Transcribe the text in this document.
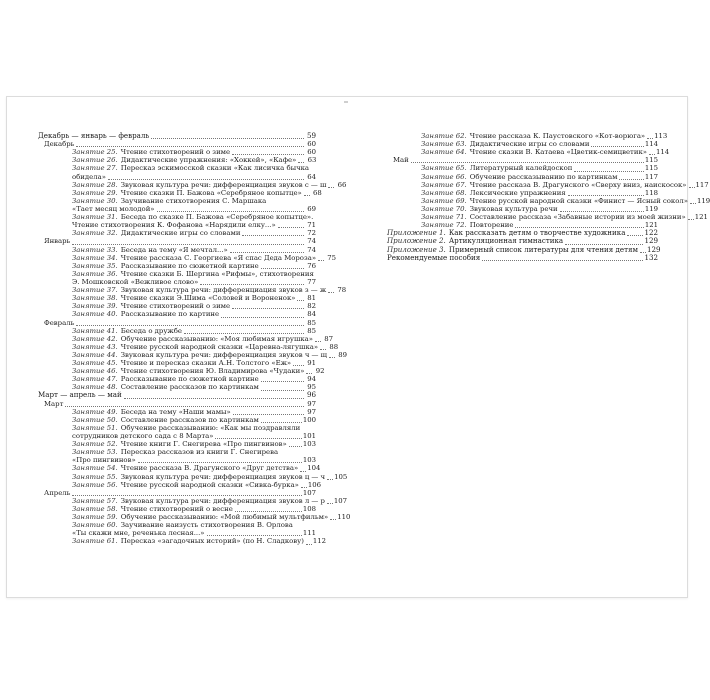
Декабрь — январь — февраль	59
Декабрь	60
Занятие 25. Чтение стихотворений о зиме	60
Занятие 26. Дидактические упражнения: «Хоккей», «Кафе»	63
Занятие 27. Пересказ эскимосской сказки «Как лисичка бычка
обидела»	64
Занятие 28. Звуковая культура речи: дифференциация звуков с — ш	66
Занятие 29. Чтение сказки П. Бажова «Серебряное копытце»	68
Занятие 30. Заучивание стихотворения С. Маршака
«Тает месяц молодой»	69
Занятие 31. Беседа по сказке П. Бажова «Серебряное копытце».
Чтение стихотворения К. Фофанова «Нарядили елку...»	71
Занятие 32. Дидактические игры со словами	72
Январь	74
Занятие 33. Беседа на тему «Я мечтал...»	74
Занятие 34. Чтение рассказа С. Георгиева «Я спас Деда Мороза»	75
Занятие 35. Рассказывание по сюжетной картине	76
Занятие 36. Чтение сказки Б. Шергина «Рифмы», стихотворения
Э. Мошковской «Вежливое слово»	77
Занятие 37. Звуковая культура речи: дифференциация звуков з — ж	78
Занятие 38. Чтение сказки Э.Шима «Соловей и Вороненок»	81
Занятие 39. Чтение стихотворений о зиме	82
Занятие 40. Рассказывание по картине	84
Февраль	85
Занятие 41. Беседа о дружбе	85
Занятие 42. Обучение рассказыванию: «Моя любимая игрушка»	87
Занятие 43. Чтение русской народной сказки «Царевна-лягушка»	88
Занятие 44. Звуковая культура речи: дифференциация звуков ч — щ	89
Занятие 45. Чтение и пересказ сказки А.Н. Толстого «Еж»	91
Занятие 46. Чтение стихотворения Ю. Владимирова «Чудаки»	92
Занятие 47. Рассказывание по сюжетной картине	94
Занятие 48. Составление рассказов по картинкам	95
Март — апрель — май	96
Март	97
Занятие 49. Беседа на тему «Наши мамы»	97
Занятие 50. Составление рассказов по картинкам	100
Занятие 51. Обучение рассказыванию: «Как мы поздравляли
сотрудников детского сада с 8 Марта»	101
Занятие 52. Чтение книги Г. Снегирева «Про пингвинов» 103
Занятие 53. Пересказ рассказов из книги Г. Снегирева
«Про пингвинов»	103
Занятие 54. Чтение рассказа В. Драгунского «Друг детства» 104
Занятие 55. Звуковая культура речи: дифференциация звуков ц — ч 105
Занятие 56. Чтение русской народной сказки «Сивка-бурка» 106
Апрель	107
Занятие 57. Звуковая культура речи: дифференциация звуков л — р 107
Занятие 58. Чтение стихотворений о весне	108
Занятие 59. Обучение рассказыванию: «Мой любимый мультфильм» 110
Занятие 60. Заучивание наизусть стихотворения В. Орлова
«Ты скажи мне, реченька лесная...»	111
Занятие 61. Пересказ «загадочных историй» (по Н. Сладкову) 112
Занятие 62. Чтение рассказа К. Паустовского «Кот-ворюга» 113
Занятие 63. Дидактические игры со словами	114
Занятие 64. Чтение сказки В. Катаева «Цветик-семицветик» 114
Май	115
Занятие 65. Литературный калейдоскоп	115
Занятие 66. Обучение рассказыванию по картинкам	117
Занятие 67. Чтение рассказа В. Драгунского «Сверху вниз, наискосок» 117
Занятие 68. Лексические упражнения	118
Занятие 69. Чтение русской народной сказки «Финист — Ясный сокол» 119
Занятие 70. Звуковая культура речи	119
Занятие 71. Составление рассказа «Забавные истории из моей жизни» 121
Занятие 72. Повторение	121
Приложение 1. Как рассказать детям о творчестве художника	122
Приложение 2. Артикуляционная гимнастика	129
Приложение 3. Примерный список литературы для чтения детям 129
Рекомендуемые пособия	132
